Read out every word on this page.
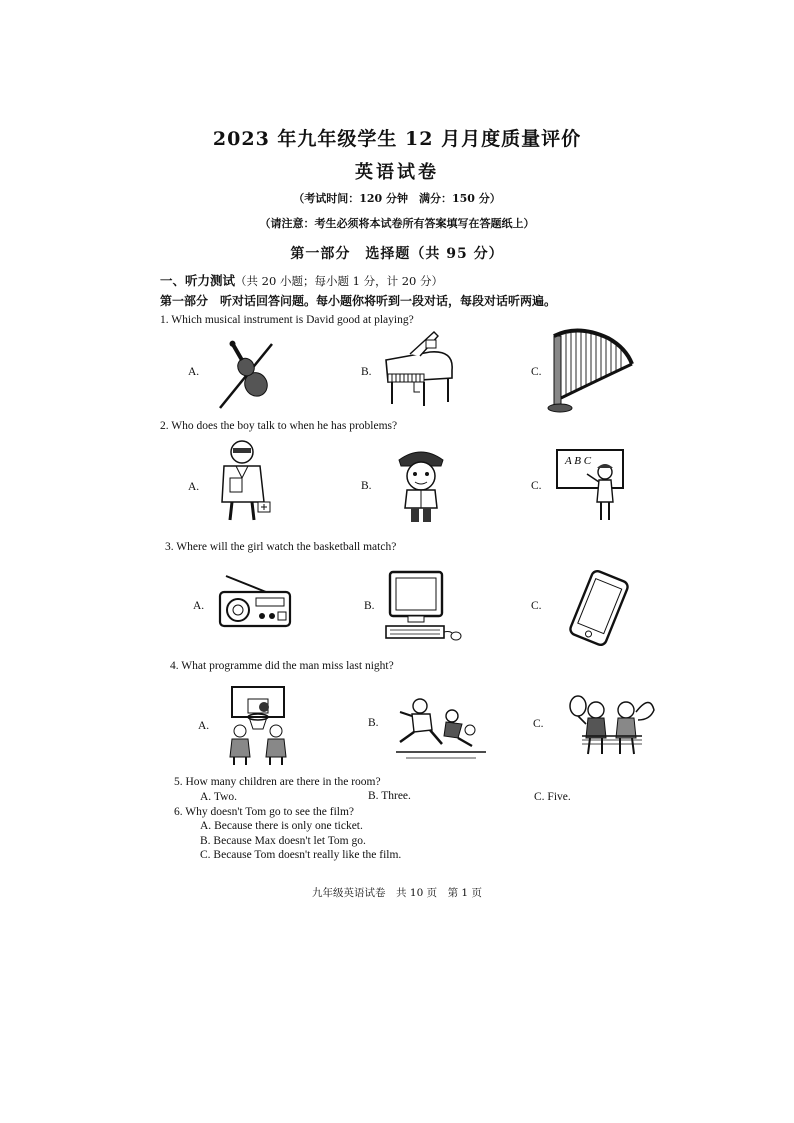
2023 年九年级学生 12 月月度质量评价
英语试卷
（考试时间：120 分钟　满分：150 分）
（请注意：考生必须将本试卷所有答案填写在答题纸上）
第一部分　选择题（共 95 分）
一、听力测试（共 20 小题；每小题 1 分，计 20 分）
第一部分　听对话回答问题。每小题你将听到一段对话，每段对话听两遍。
1. Which musical instrument is David good at playing?
A.	B.	C.
2. Who does the boy talk to when he has problems?
A.	B.	C.
A B C
3. Where will the girl watch the basketball match?
A.	B.	C.
4. What programme did the man miss last night?
A.	B.	C.
5. How many children are there in the room?
A. Two.	B. Three.	C. Five.
6. Why doesn't Tom go to see the film?
A. Because there is only one ticket.
B. Because Max doesn't let Tom go.
C. Because Tom doesn't really like the film.
九年级英语试卷　共 10 页　第 1 页
